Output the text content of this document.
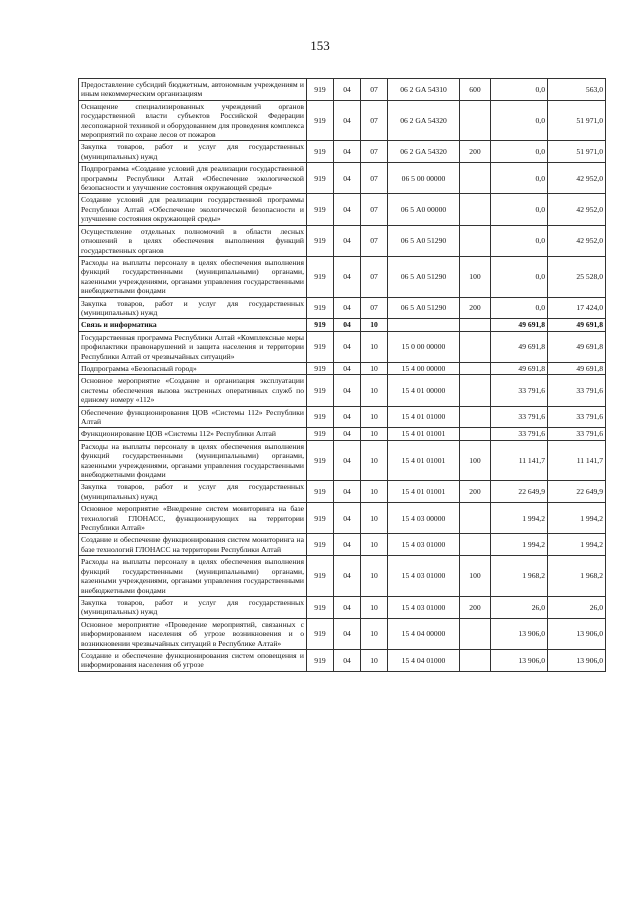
153
Предоставление субсидий бюджетным, автономным учреждениям и иным некоммерческим организациям	919	04	07	06 2 GA 54310	600	0,0	563,0
Оснащение специализированных учреждений органов государственной власти субъектов Российской Федерации лесопожарной техникой и оборудованием для проведения комплекса мероприятий по охране лесов от пожаров	919	04	07	06 2 GA 54320		0,0	51 971,0
Закупка товаров, работ и услуг для государственных (муниципальных) нужд	919	04	07	06 2 GA 54320	200	0,0	51 971,0
Подпрограмма «Создание условий для реализации государственной программы Республики Алтай «Обеспечение экологической безопасности и улучшение состояния окружающей среды»	919	04	07	06 5 00 00000		0,0	42 952,0
Создание условий для реализации государственной программы Республики Алтай «Обеспечение экологической безопасности и улучшение состояния окружающей среды»	919	04	07	06 5 А0 00000		0,0	42 952,0
Осуществление отдельных полномочий в области лесных отношений в целях обеспечения выполнения функций государственных органов	919	04	07	06 5 А0 51290		0,0	42 952,0
Расходы на выплаты персоналу в целях обеспечения выполнения функций государственными (муниципальными) органами, казенными учреждениями, органами управления государственными внебюджетными фондами	919	04	07	06 5 А0 51290	100	0,0	25 528,0
Закупка товаров, работ и услуг для государственных (муниципальных) нужд	919	04	07	06 5 А0 51290	200	0,0	17 424,0
Связь и информатика	919	04	10			49 691,8	49 691,8
Государственная программа Республики Алтай «Комплексные меры профилактики правонарушений и защита населения и территории Республики Алтай от чрезвычайных ситуаций»	919	04	10	15 0 00 00000		49 691,8	49 691,8
Подпрограмма «Безопасный город»	919	04	10	15 4 00 00000		49 691,8	49 691,8
Основное мероприятие «Создание и организация эксплуатации системы обеспечения вызова экстренных оперативных служб по единому номеру «112»	919	04	10	15 4 01 00000		33 791,6	33 791,6
Обеспечение функционирования ЦОВ «Системы 112» Республики Алтай	919	04	10	15 4 01 01000		33 791,6	33 791,6
Функционирование ЦОВ «Системы 112» Республики Алтай	919	04	10	15 4 01 01001		33 791,6	33 791,6
Расходы на выплаты персоналу в целях обеспечения выполнения функций государственными (муниципальными) органами, казенными учреждениями, органами управления государственными внебюджетными фондами	919	04	10	15 4 01 01001	100	11 141,7	11 141,7
Закупка товаров, работ и услуг для государственных (муниципальных) нужд	919	04	10	15 4 01 01001	200	22 649,9	22 649,9
Основное мероприятие «Внедрение систем мониторинга на базе технологий ГЛОНАСС, функционирующих на территории Республики Алтай»	919	04	10	15 4 03 00000		1 994,2	1 994,2
Создание и обеспечение функционирования систем мониторинга на базе технологий ГЛОНАСС на территории Республики Алтай	919	04	10	15 4 03 01000		1 994,2	1 994,2
Расходы на выплаты персоналу в целях обеспечения выполнения функций государственными (муниципальными) органами, казенными учреждениями, органами управления государственными внебюджетными фондами	919	04	10	15 4 03 01000	100	1 968,2	1 968,2
Закупка товаров, работ и услуг для государственных (муниципальных) нужд	919	04	10	15 4 03 01000	200	26,0	26,0
Основное мероприятие «Проведение мероприятий, связанных с информированием населения об угрозе возникновения и о возникновении чрезвычайных ситуаций в Республике Алтай»	919	04	10	15 4 04 00000		13 906,0	13 906,0
Создание и обеспечение функционирования систем оповещения и информирования населения об угрозе	919	04	10	15 4 04 01000		13 906,0	13 906,0
